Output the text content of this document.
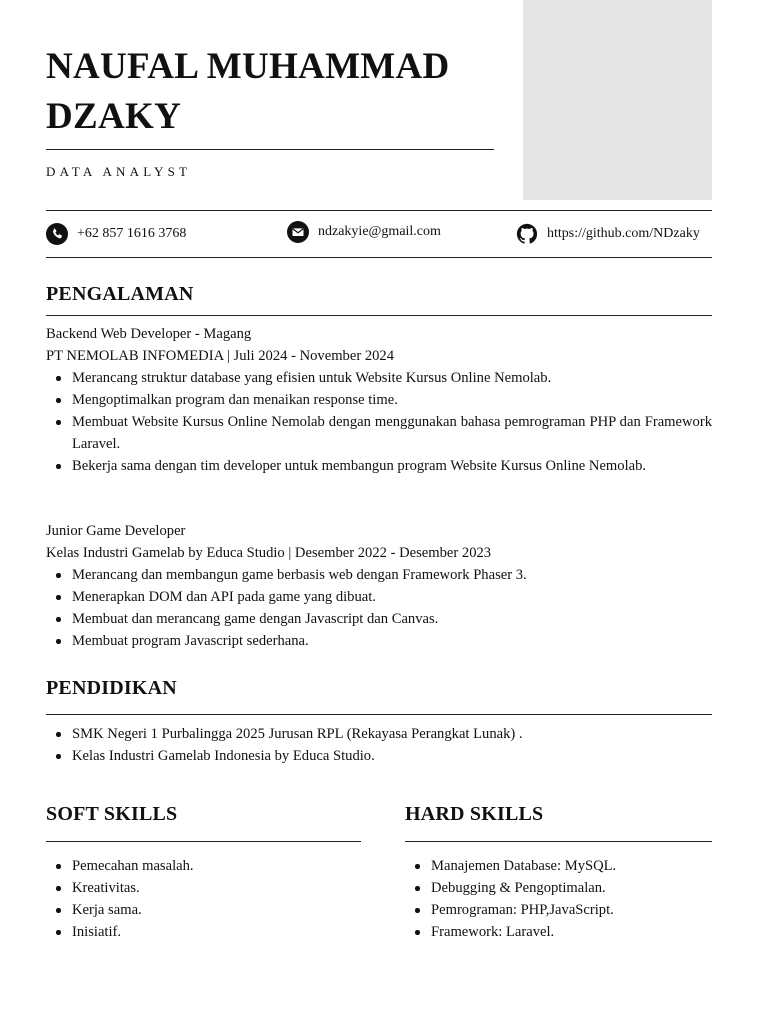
NAUFAL MUHAMMAD
DZAKY
DATA ANALYST
+62 857 1616 3768	ndzakyie@gmail.com	https://github.com/NDzaky
PENGALAMAN

Backend Web Developer - Magang

PT NEMOLAB INFOMEDIA | Juli 2024 - November 2024

Merancang struktur database yang efisien untuk Website Kursus Online Nemolab.
Mengoptimalkan program dan menaikan response time.
Membuat Website Kursus Online Nemolab dengan menggunakan bahasa pemrograman PHP dan Framework Laravel.
Bekerja sama dengan tim developer untuk membangun program Website Kursus Online Nemolab.

Junior Game Developer

Kelas Industri Gamelab by Educa Studio | Desember 2022 - Desember 2023

Merancang dan membangun game berbasis web dengan Framework Phaser 3.
Menerapkan DOM dan API pada game yang dibuat.
Membuat dan merancang game dengan Javascript dan Canvas.
Membuat program Javascript sederhana.
PENDIDIKAN
SMK Negeri 1 Purbalingga 2025 Jurusan RPL (Rekayasa Perangkat Lunak) .
Kelas Industri Gamelab Indonesia by Educa Studio.
SOFT SKILLS
Pemecahan masalah.
Kreativitas.
Kerja sama.
Inisiatif.
HARD SKILLS
Manajemen Database: MySQL.
Debugging & Pengoptimalan.
Pemrograman: PHP,JavaScript.
Framework: Laravel.
